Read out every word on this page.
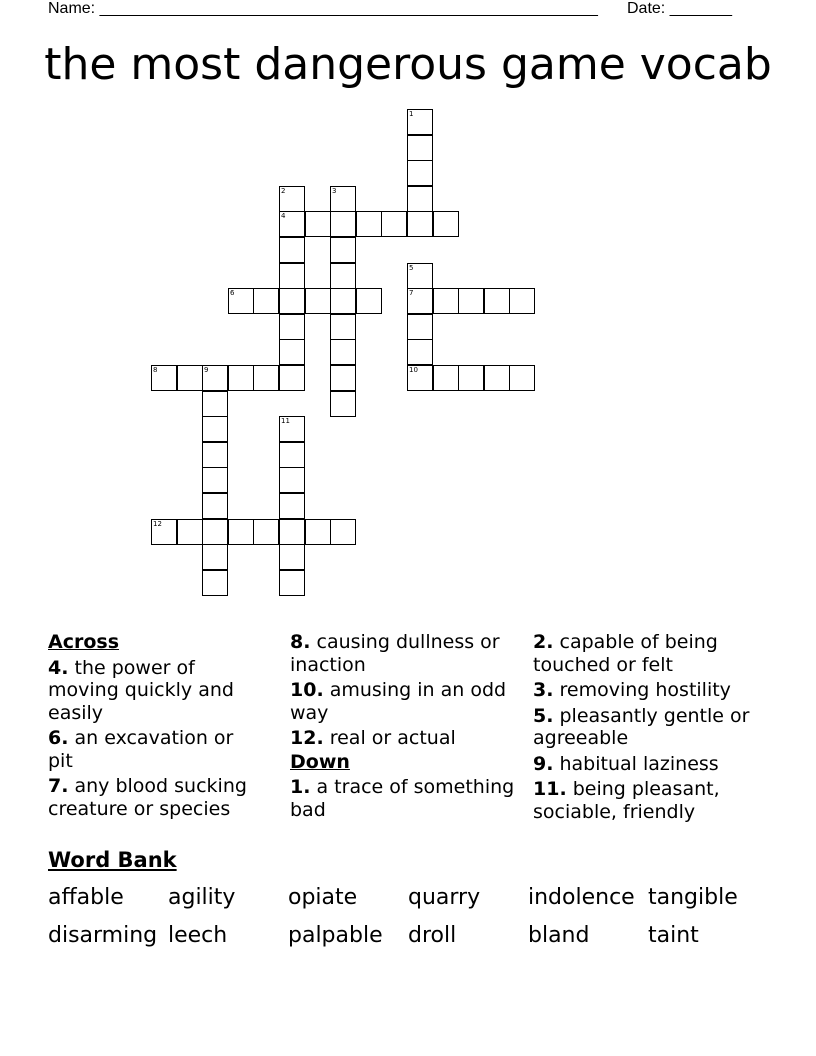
Name: ________________________________________________________ Date: _______
the most dangerous game vocab
1
2
4
3
5
7
10
6
8	9
11
12
Across
4. the power of moving quickly and easily
6. an excavation or pit
7. any blood sucking creature or species
8. causing dullness or inaction
10. amusing in an odd way
12. real or actual
Down
1. a trace of something bad
2. capable of being touched or felt
3. removing hostility
5. pleasantly gentle or agreeable
9. habitual laziness
11. being pleasant, sociable, friendly
Word Bank
affable agility opiate quarry indolence tangible
disarming leech	palpable droll	bland	taint
